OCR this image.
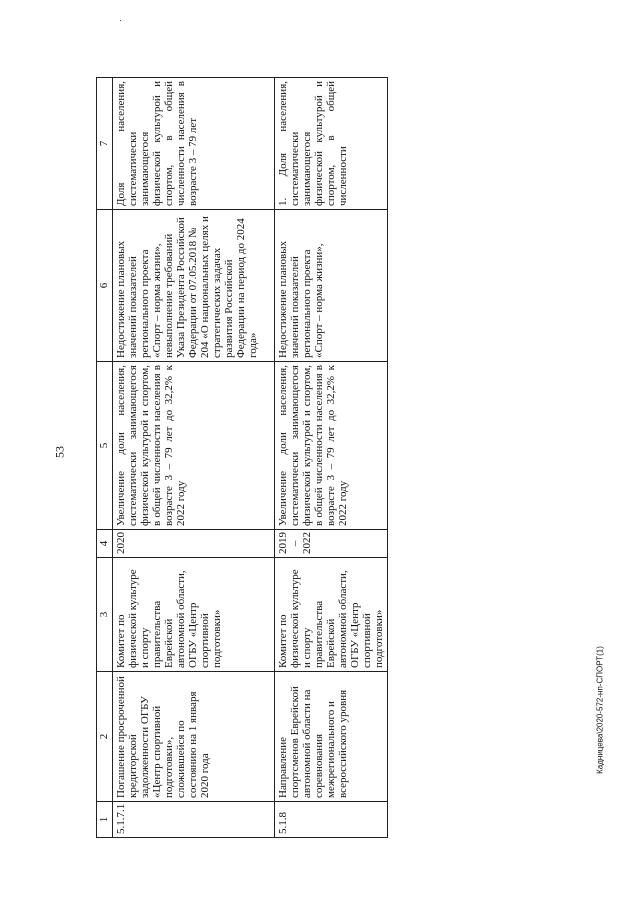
53
1	2	3	4	5	6	7
5.1.7.1	Погашение просроченной кредиторской задолженности ОГБУ «Центр спортивной подготовки», сложившейся по состоянию на 1 января 2020 года	Комитет по физической культуре и спорту правительства Еврейской автономной области, ОГБУ «Центр спортивной подготовки»	2020	Увеличение доли населения, систематически занимающегося физической культурой и спортом, в общей численности населения в возрасте 3 – 79 лет до 32,2% к 2022 году	Недостижение плановых значений показателей регионального проекта «Спорт – норма жизни», невыполнение требований Указа Президента Российской Федерации от 07.05.2018 № 204 «О национальных целях и стратегических задачах развития Российской Федерации на период до 2024 года»	Доля населения, систематически занимающегося физической культурой и спортом, в общей численности населения в возрасте 3 – 79 лет
5.1.8	Направление спортсменов Еврейской автономной области на соревнования межрегионального и всероссийского уровня	Комитет по физической культуре и спорту правительства Еврейской автономной области, ОГБУ «Центр спортивной подготовки»	2019 – 2022	Увеличение доли населения, систематически занимающегося физической культурой и спортом, в общей численности населения в возрасте 3 – 79 лет до 32,2% к 2022 году	Недостижение плановых значений показателей регионального проекта «Спорт – норма жизни»,	1. Доля населения, систематически занимающегося физической культурой и спортом, в общей численности
Кадницева\2020-572-нп-СПОРТ(1)
